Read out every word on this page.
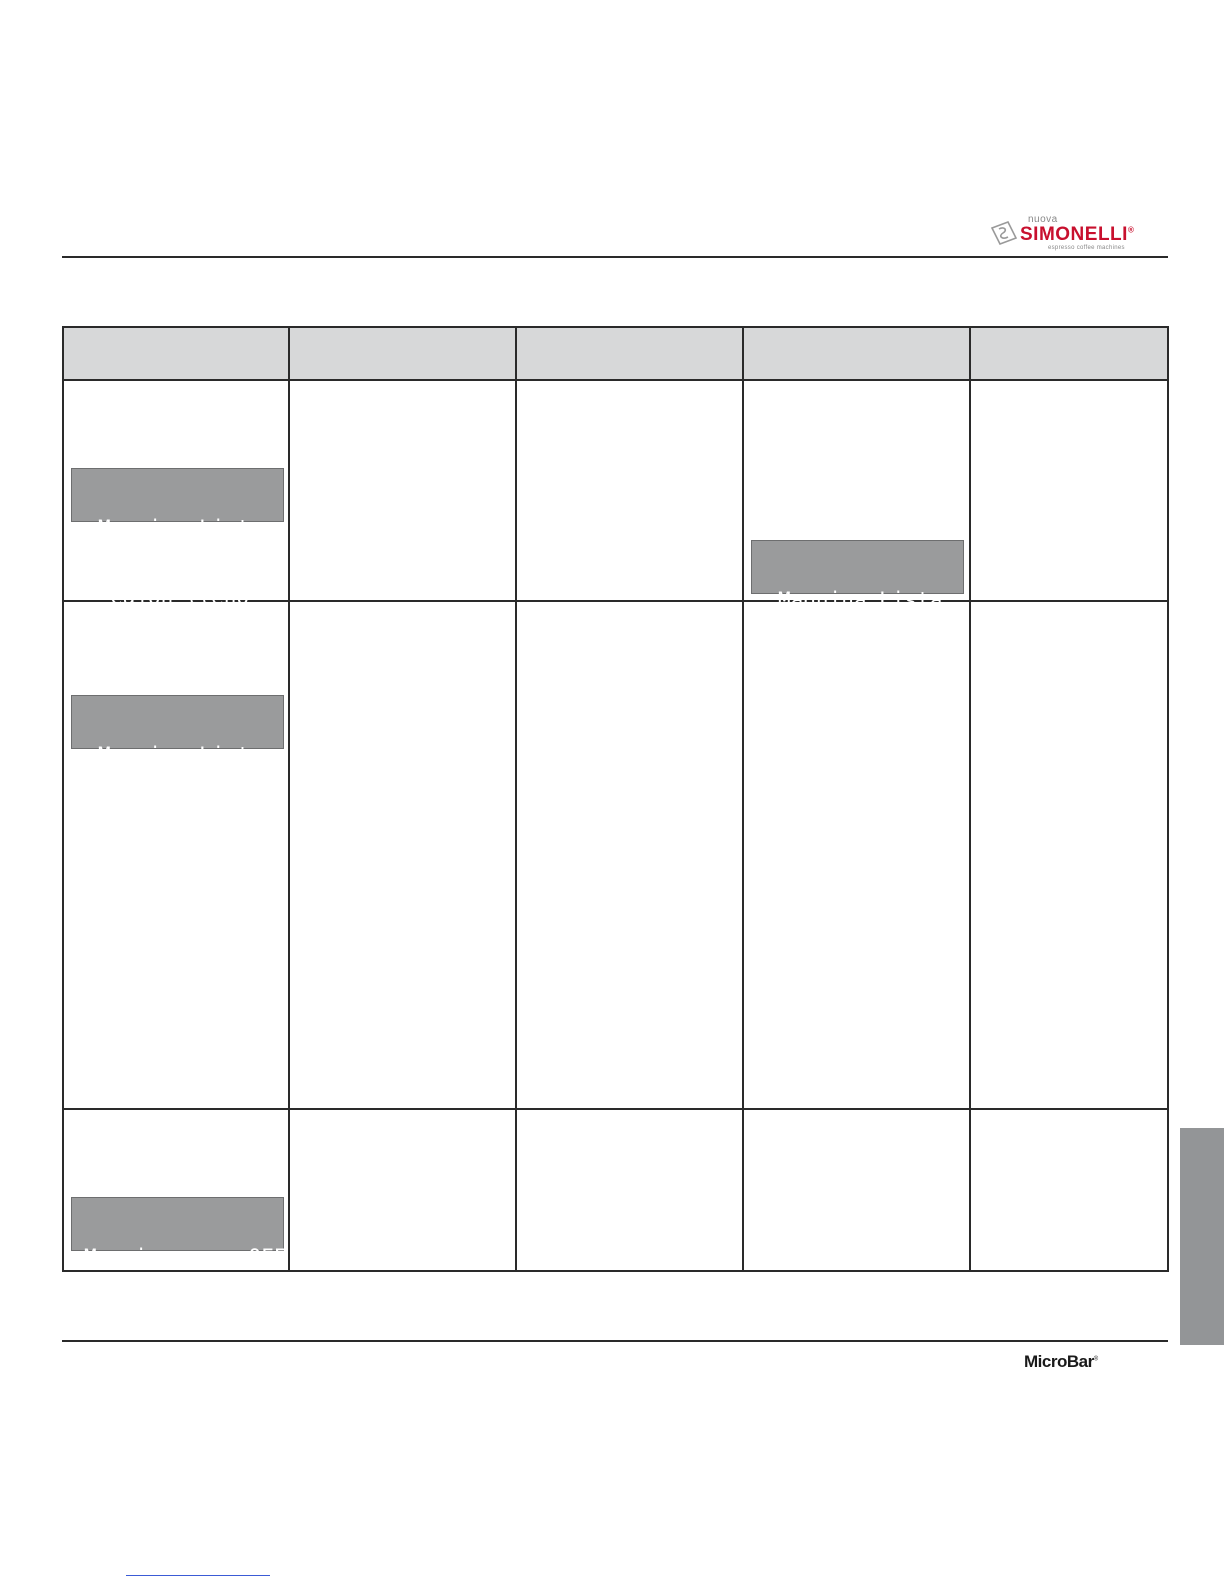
nuova
SIMONELLI®
espresso coffee machines

Maquina Lista

Cajon lleno

	Maquina Lista

Cajon abierto

Maquina Lista

Cajon abierto

Maquina      OFF

Puerta Abierta

MicroBar®
